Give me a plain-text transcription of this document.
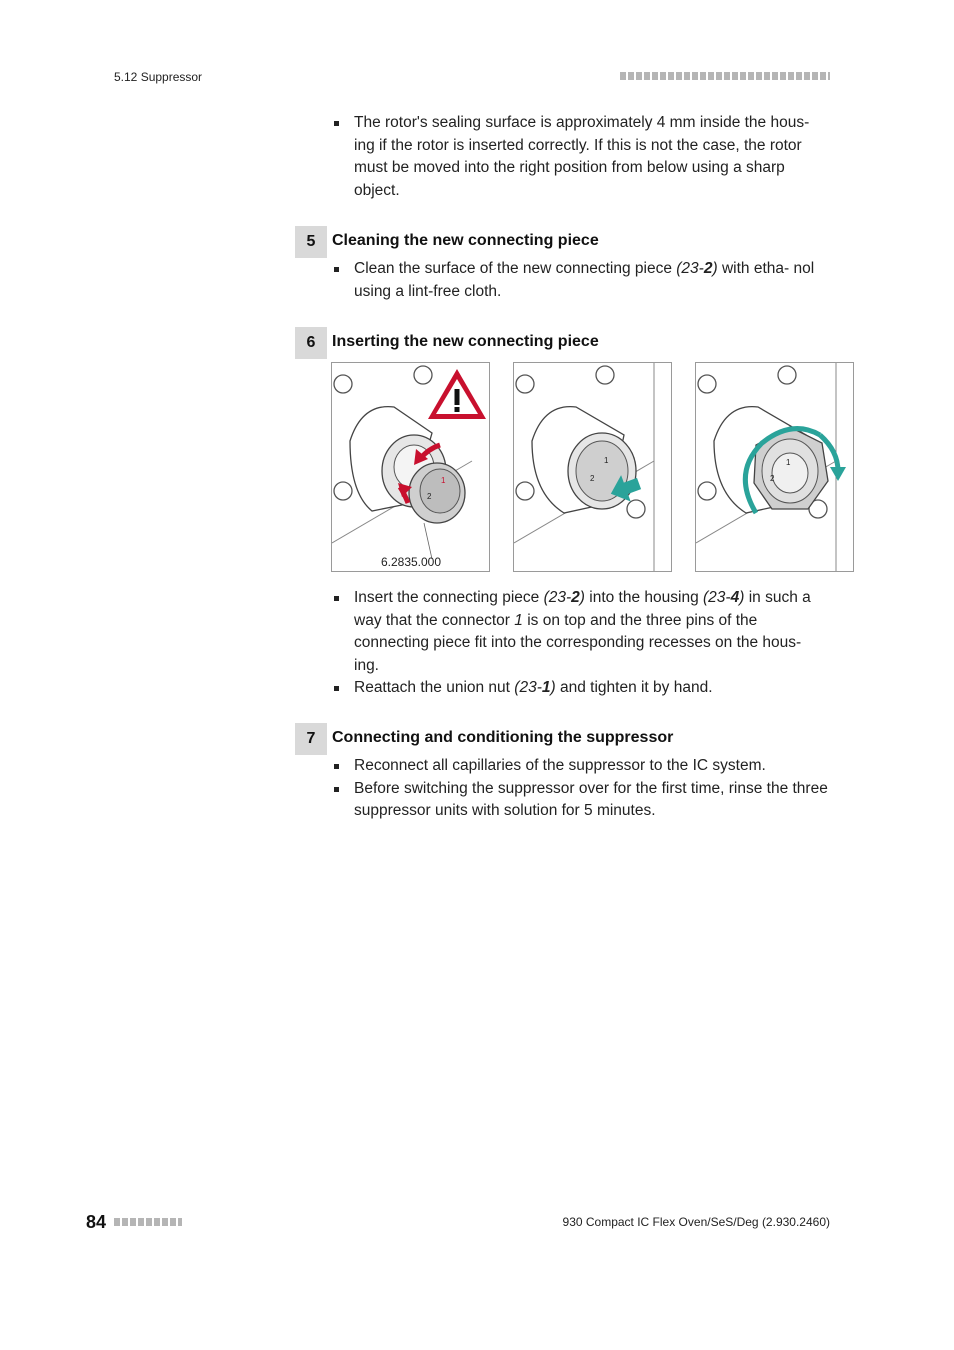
5.12 Suppressor
The rotor's sealing surface is approximately 4 mm inside the hous- ing if the rotor is inserted correctly. If this is not the case, the rotor must be moved into the right position from below using a sharp object.
5	Cleaning the new connecting piece
Clean the surface of the new connecting piece (23-2) with etha- nol using a lint-free cloth.
6	Inserting the new connecting piece
1
2
6.2835.000
1
2
1
2
Insert the connecting piece (23-2) into the housing (23-4) in such a way that the connector 1 is on top and the three pins of the connecting piece fit into the corresponding recesses on the hous- ing.
Reattach the union nut (23-1) and tighten it by hand.
7	Connecting and conditioning the suppressor
Reconnect all capillaries of the suppressor to the IC system.
Before switching the suppressor over for the first time, rinse the three suppressor units with solution for 5 minutes.
84	930 Compact IC Flex Oven/SeS/Deg (2.930.2460)
